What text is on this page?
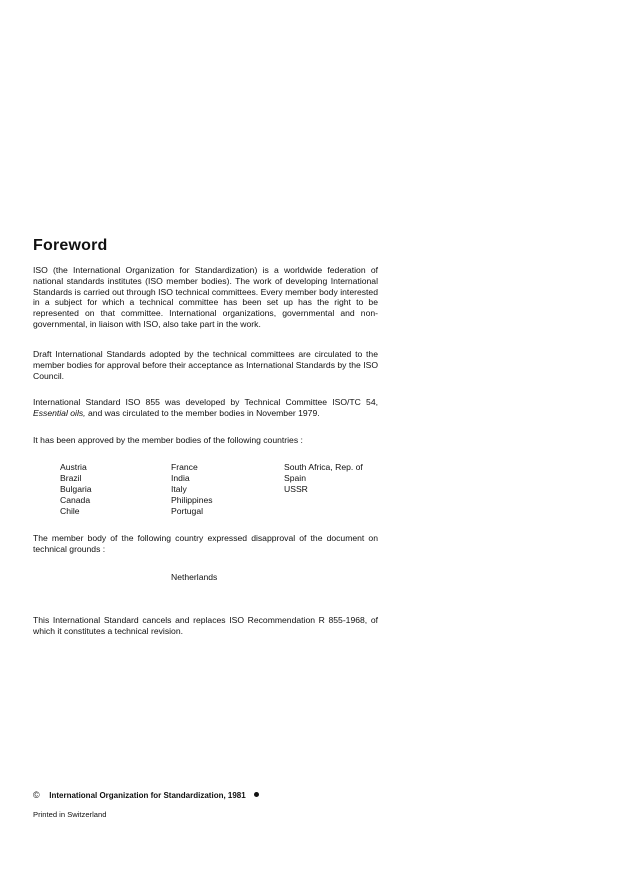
Foreword
ISO (the International Organization for Standardization) is a worldwide federation of national standards institutes (ISO member bodies). The work of developing International Standards is carried out through ISO technical committees. Every member body interested in a subject for which a technical committee has been set up has the right to be represented on that committee. International organizations, governmental and non-governmental, in liaison with ISO, also take part in the work.
Draft International Standards adopted by the technical committees are circulated to the member bodies for approval before their acceptance as International Standards by the ISO Council.
International Standard ISO 855 was developed by Technical Committee ISO/TC 54, Essential oils, and was circulated to the member bodies in November 1979.
It has been approved by the member bodies of the following countries :
Austria
Brazil
Bulgaria
Canada
Chile
France
India
Italy
Philippines
Portugal
South Africa, Rep. of
Spain
USSR
The member body of the following country expressed disapproval of the document on technical grounds :
Netherlands
This International Standard cancels and replaces ISO Recommendation R 855-1968, of which it constitutes a technical revision.
© International Organization for Standardization, 1981
Printed in Switzerland
